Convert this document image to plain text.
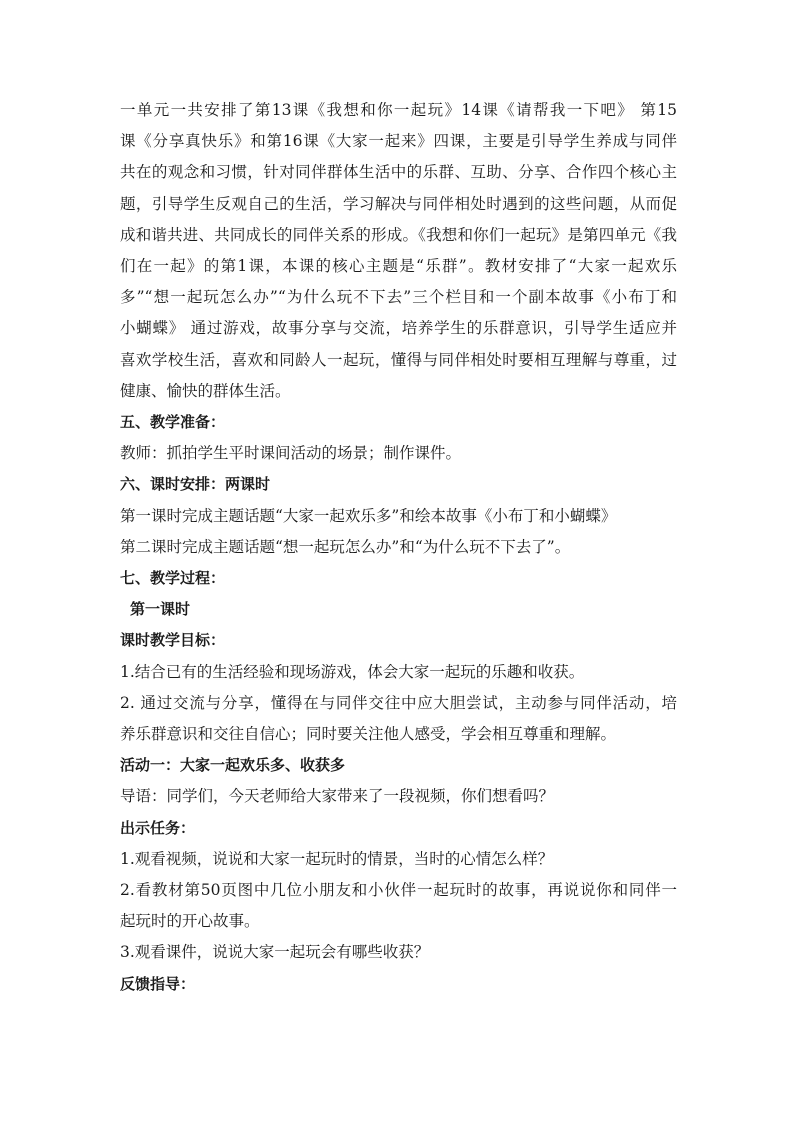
一单元一共安排了第13课《我想和你一起玩》14课《请帮我一下吧》 第15
课《分享真快乐》和第16课《大家一起来》四课，主要是引导学生养成与同伴
共在的观念和习惯，针对同伴群体生活中的乐群、互助、分享、合作四个核心主
题，引导学生反观自己的生活，学习解决与同伴相处时遇到的这些问题，从而促
成和谐共进、共同成长的同伴关系的形成。《我想和你们一起玩》是第四单元《我
们在一起》的第1课，本课的核心主题是“乐群”。教材安排了“大家一起欢乐
多”“想一起玩怎么办”“为什么玩不下去”三个栏目和一个副本故事《小布丁和
小蝴蝶》 通过游戏，故事分享与交流，培养学生的乐群意识，引导学生适应并
喜欢学校生活，喜欢和同龄人一起玩，懂得与同伴相处时要相互理解与尊重，过
健康、愉快的群体生活。

五、教学准备：

教师：抓拍学生平时课间活动的场景；制作课件。

六、课时安排：两课时

第一课时完成主题话题“大家一起欢乐多”和绘本故事《小布丁和小蝴蝶》
第二课时完成主题话题“想一起玩怎么办”和“为什么玩不下去了”。

七、教学过程：

第一课时

课时教学目标：

1.结合已有的生活经验和现场游戏，体会大家一起玩的乐趣和收获。
2. 通过交流与分享，懂得在与同伴交往中应大胆尝试，主动参与同伴活动，培
养乐群意识和交往自信心；同时要关注他人感受，学会相互尊重和理解。

活动一：大家一起欢乐多、收获多

导语：同学们，今天老师给大家带来了一段视频，你们想看吗？

出示任务：

1.观看视频，说说和大家一起玩时的情景，当时的心情怎么样？
2.看教材第50页图中几位小朋友和小伙伴一起玩时的故事，再说说你和同伴一
起玩时的开心故事。
3.观看课件，说说大家一起玩会有哪些收获？

反馈指导：
